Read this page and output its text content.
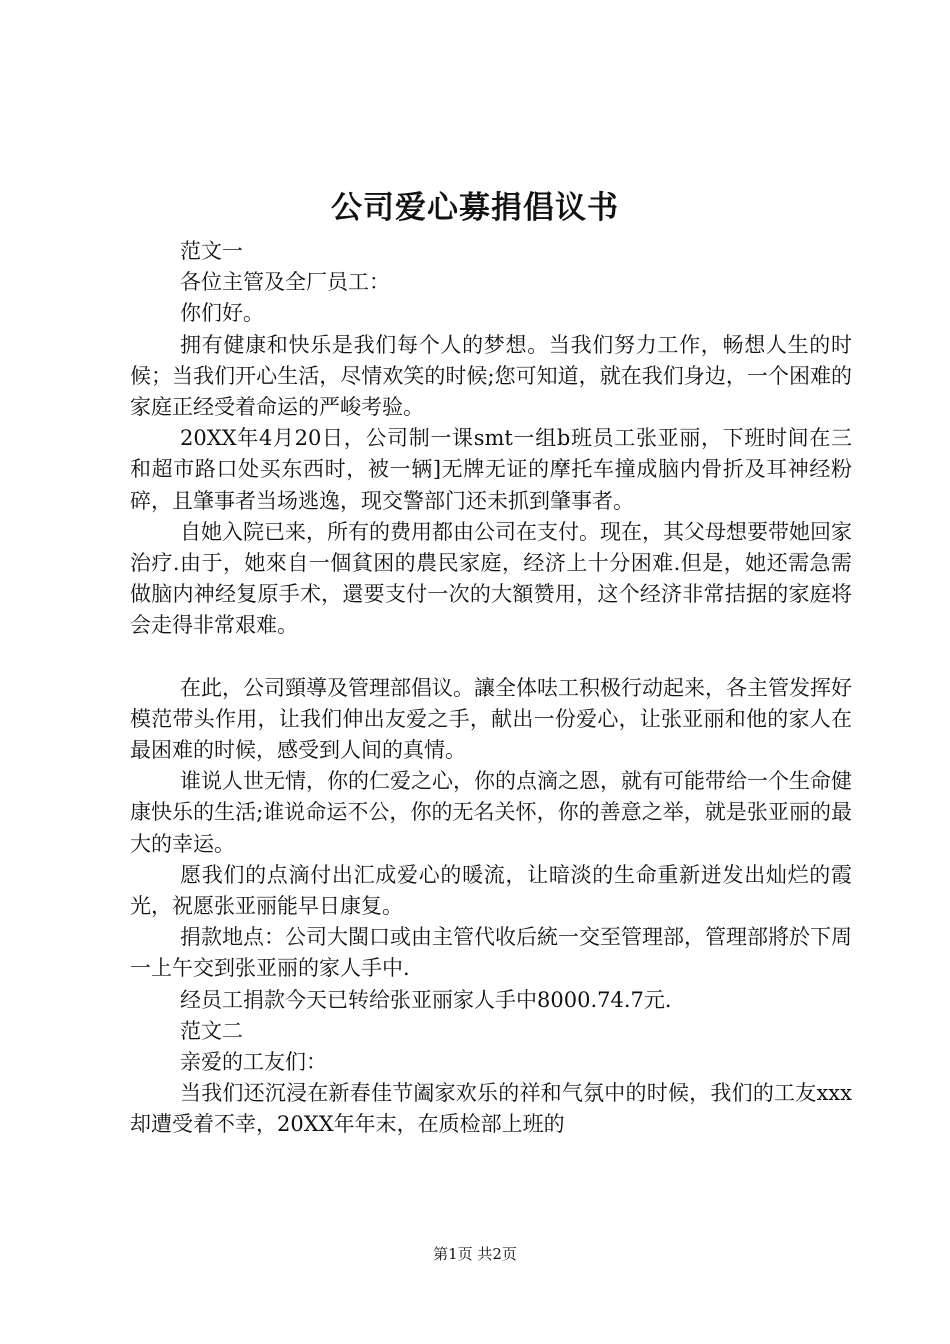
公司爱心募捐倡议书

范文一

各位主管及全厂员工：

你们好。

拥有健康和快乐是我们每个人的梦想。当我们努力工作，畅想人生的时候；当我们开心生活，尽情欢笑的时候;您可知道，就在我们身边，一个困难的家庭正经受着命运的严峻考验。

20XX年4月20日，公司制一课smt一组b班员工张亚丽，下班时间在三和超市路口处买东西时，被一辆]无牌无证的摩托车撞成脑内骨折及耳神经粉碎，且肇事者当场逃逸，现交警部门还未抓到肇事者。

自她入院已来，所有的费用都由公司在支付。现在，其父母想要带她回家治疗.由于，她來自一個貧困的農民家庭，经济上十分困难.但是，她还需急需做脑内神经复原手术，還要支付一次的大額赞用，这个经济非常拮据的家庭将会走得非常艰难。

在此，公司頸導及管理部倡议。讓全体呿工积极行动起来，各主管发挥好模范带头作用，让我们伸出友爱之手，献出一份爱心，让张亚丽和他的家人在最困难的时候，感受到人间的真情。

谁说人世无情，你的仁爱之心，你的点滴之恩，就有可能带给一个生命健康快乐的生活;谁说命运不公，你的无名关怀，你的善意之举，就是张亚丽的最大的幸运。

愿我们的点滴付出汇成爱心的暖流，让暗淡的生命重新迸发出灿烂的霞光，祝愿张亚丽能早日康复。

捐款地点：公司大閩口或由主管代收后統一交至管理部，管理部將於下周一上午交到张亚丽的家人手中.

经员工捐款今天已转给张亚丽家人手中8000.74.7元.

范文二

亲爱的工友们：

当我们还沉浸在新春佳节阖家欢乐的祥和气氛中的时候，我们的工友xxx却遭受着不幸，20XX年年末，在质检部上班的

第1页 共2页
